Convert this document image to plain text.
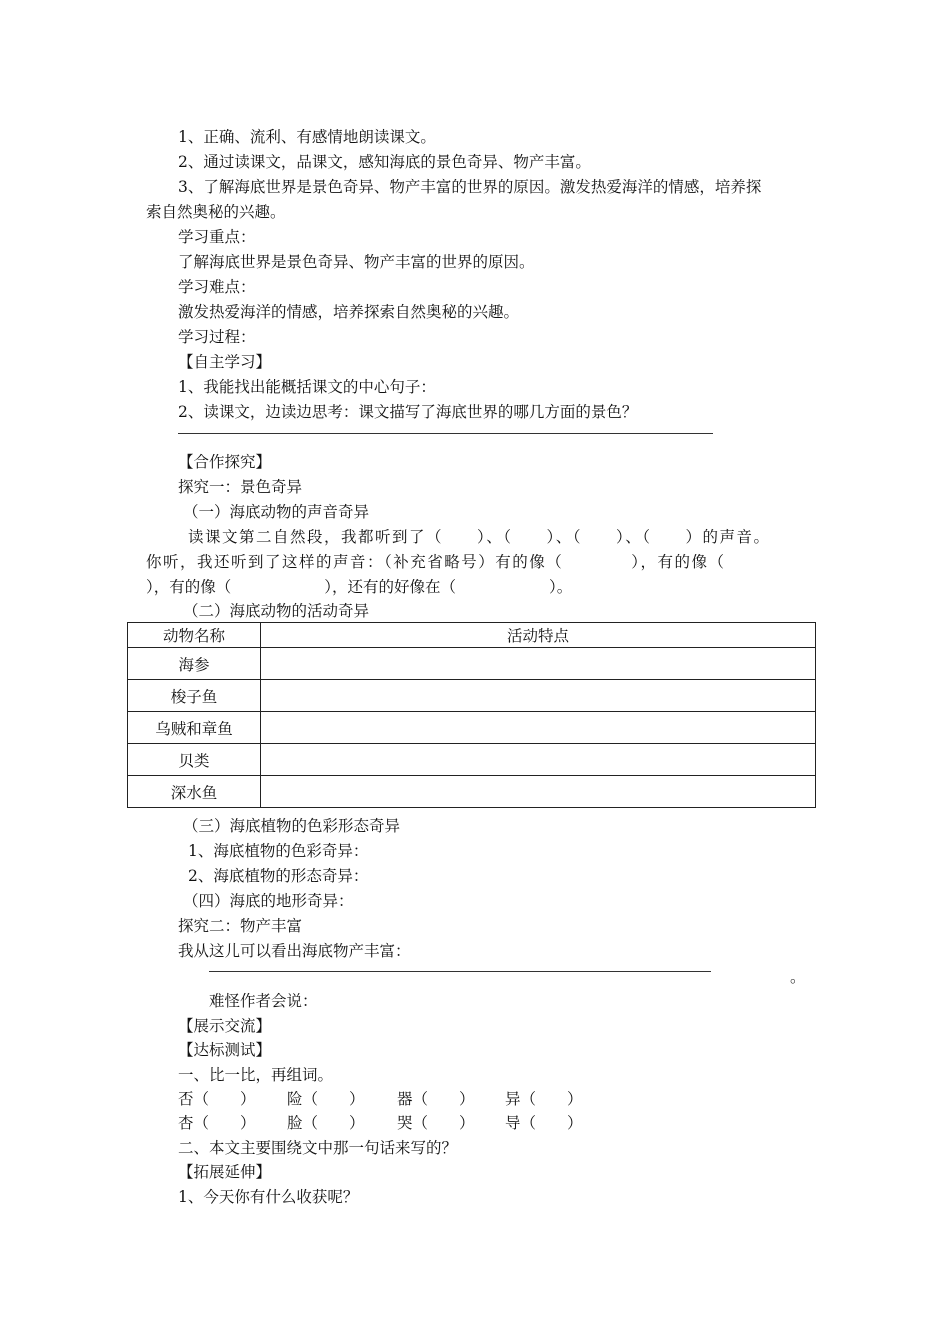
1、正确、流利、有感情地朗读课文。
2、通过读课文，品课文，感知海底的景色奇异、物产丰富。
3、了解海底世界是景色奇异、物产丰富的世界的原因。激发热爱海洋的情感，培养探
索自然奥秘的兴趣。
学习重点：
了解海底世界是景色奇异、物产丰富的世界的原因。
学习难点：
激发热爱海洋的情感，培养探索自然奥秘的兴趣。
学习过程：
【自主学习】
1、我能找出能概括课文的中心句子：
2、读课文，边读边思考：课文描写了海底世界的哪几方面的景色？
【合作探究】
探究一：景色奇异
（一）海底动物的声音奇异
读课文第二自然段，我都听到了（　　）、（　　）、（　　）、（　　）的声音。
你听，我还听到了这样的声音：（补充省略号）有的像（　　　　），有的像（
），有的像（　　　　　　），还有的好像在（　　　　　　）。
（二）海底动物的活动奇异
动物名称	活动特点
海参	
梭子鱼	
乌贼和章鱼	
贝类	
深水鱼	
（三）海底植物的色彩形态奇异
1、海底植物的色彩奇异：
2、海底植物的形态奇异：
（四）海底的地形奇异：
探究二：物产丰富
我从这儿可以看出海底物产丰富：
。
难怪作者会说：
【展示交流】
【达标测试】
一、比一比，再组词。
否（　　） 险（　　） 器（　　） 异（　　）
杏（　　） 脸（　　） 哭（　　） 导（　　）
二、本文主要围绕文中那一句话来写的？
【拓展延伸】
1、今天你有什么收获呢？
